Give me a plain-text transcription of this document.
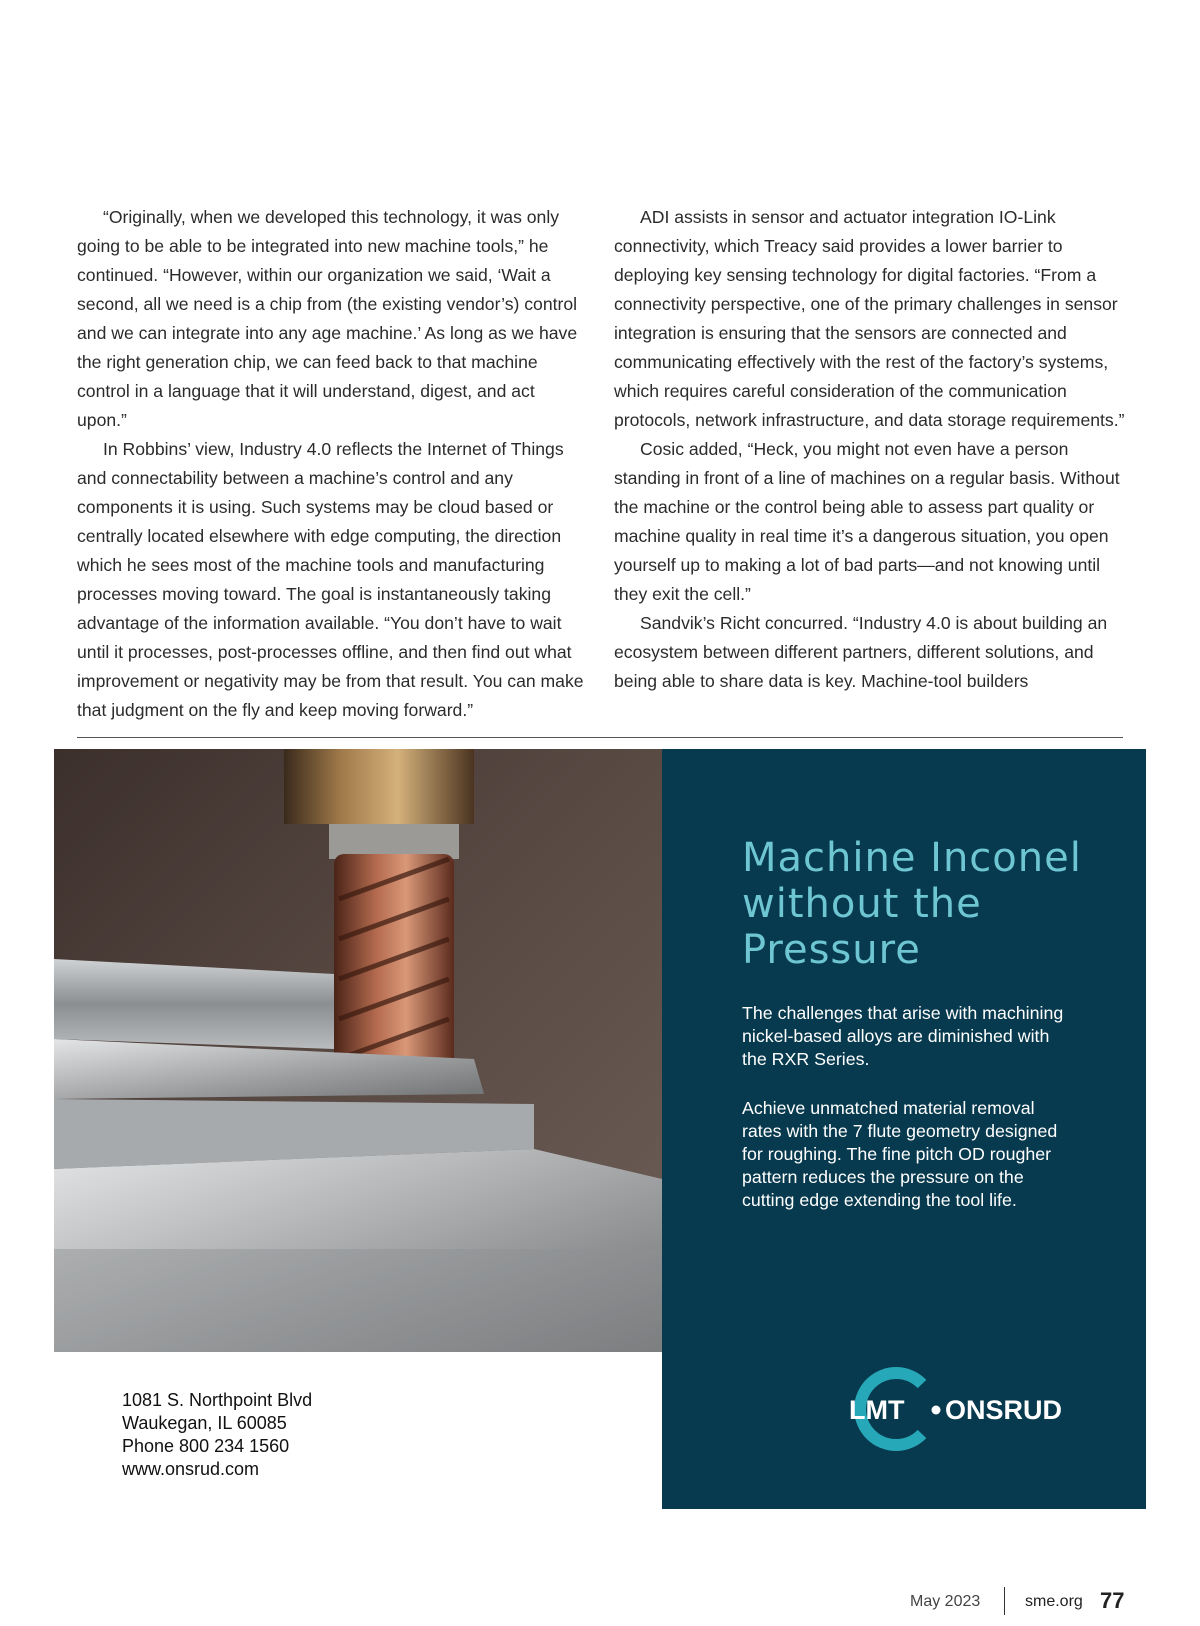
“Originally, when we developed this technology, it was only going to be able to be integrated into new machine tools,” he continued. “However, within our organization we said, ‘Wait a second, all we need is a chip from (the existing vendor’s) control and we can integrate into any age machine.’ As long as we have the right generation chip, we can feed back to that machine control in a language that it will understand, digest, and act upon.”

In Robbins’ view, Industry 4.0 reflects the Internet of Things and connectability between a machine’s control and any components it is using. Such systems may be cloud based or centrally located elsewhere with edge computing, the direction which he sees most of the machine tools and manufacturing processes moving toward. The goal is instantaneously taking advantage of the information available. “You don’t have to wait until it processes, post-processes offline, and then find out what improvement or negativity may be from that result. You can make that judgment on the fly and keep moving forward.”

ADI assists in sensor and actuator integration IO-Link connectivity, which Treacy said provides a lower barrier to deploying key sensing technology for digital factories. “From a connectivity perspective, one of the primary challenges in sensor integration is ensuring that the sensors are connected and communicating effectively with the rest of the factory’s systems, which requires careful consideration of the communication protocols, network infrastructure, and data storage requirements.”

Cosic added, “Heck, you might not even have a person standing in front of a line of machines on a regular basis. Without the machine or the control being able to assess part quality or machine quality in real time it’s a dangerous situation, you open yourself up to making a lot of bad parts—and not knowing until they exit the cell.”

Sandvik’s Richt concurred. “Industry 4.0 is about building an ecosystem between different partners, different solutions, and being able to share data is key. Machine-tool builders

Machine Inconel
without the
Pressure

The challenges that arise with machining nickel-based alloys are diminished with the RXR Series.

Achieve unmatched material removal rates with the 7 flute geometry designed for roughing. The fine pitch OD rougher pattern reduces the pressure on the cutting edge extending the tool life.

LMT ONSRUD
1081 S. Northpoint Blvd
Waukegan, IL 60085
Phone 800 234 1560
www.onsrud.com
May 2023	sme.org 77
